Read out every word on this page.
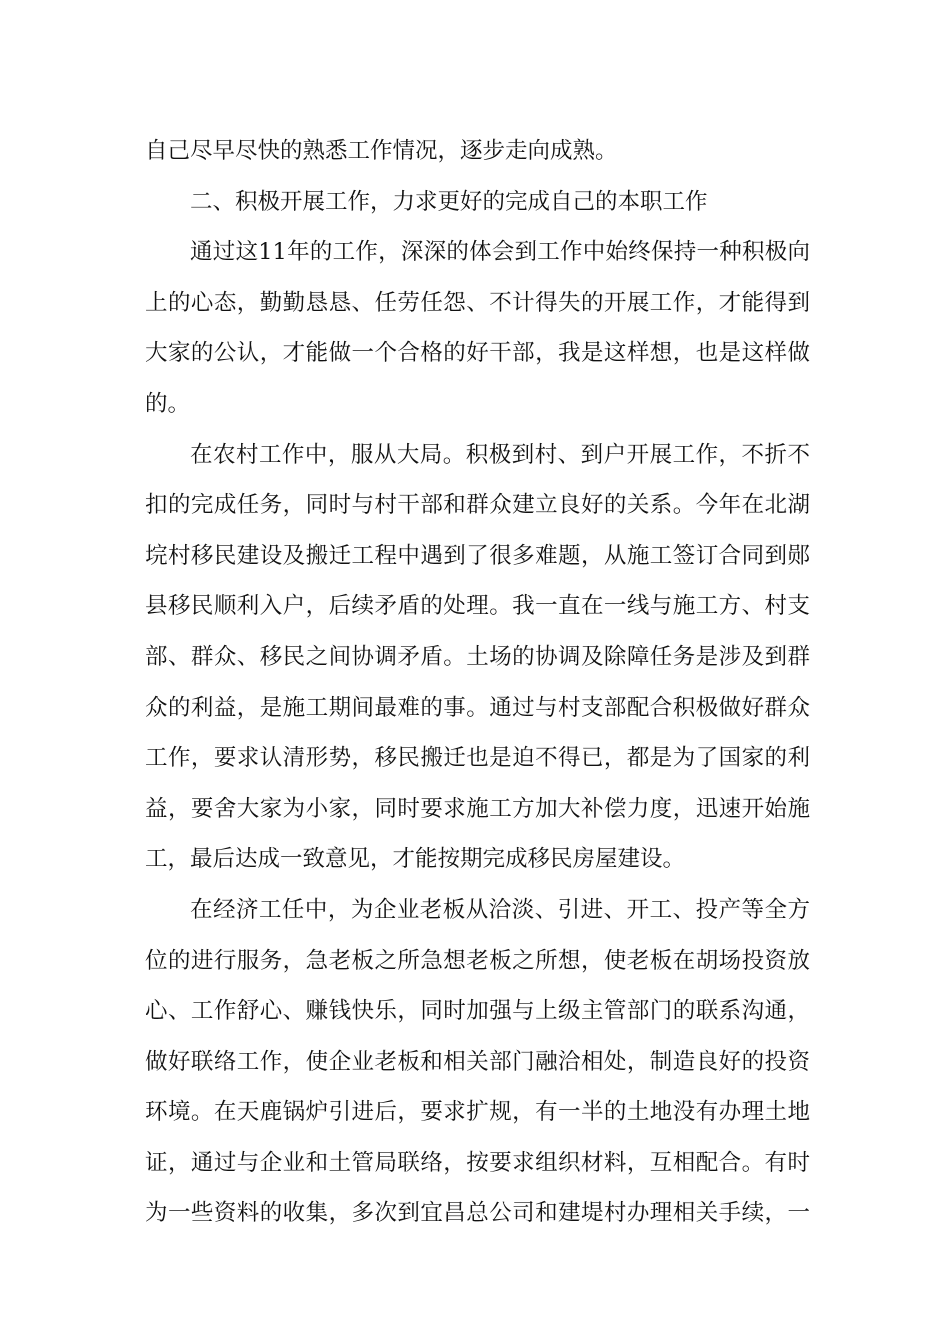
自己尽早尽快的熟悉工作情况，逐步走向成熟。
二、积极开展工作，力求更好的完成自己的本职工作
通过这11年的工作，深深的体会到工作中始终保持一种积极向
上的心态，勤勤恳恳、任劳任怨、不计得失的开展工作，才能得到
大家的公认，才能做一个合格的好干部，我是这样想，也是这样做
的。
在农村工作中，服从大局。积极到村、到户开展工作，不折不
扣的完成任务，同时与村干部和群众建立良好的关系。今年在北湖
垸村移民建设及搬迁工程中遇到了很多难题，从施工签订合同到郧
县移民顺利入户，后续矛盾的处理。我一直在一线与施工方、村支
部、群众、移民之间协调矛盾。土场的协调及除障任务是涉及到群
众的利益，是施工期间最难的事。通过与村支部配合积极做好群众
工作，要求认清形势，移民搬迁也是迫不得已，都是为了国家的利
益，要舍大家为小家，同时要求施工方加大补偿力度，迅速开始施
工，最后达成一致意见，才能按期完成移民房屋建设。
在经济工任中，为企业老板从洽淡、引进、开工、投产等全方
位的进行服务，急老板之所急想老板之所想，使老板在胡场投资放
心、工作舒心、赚钱快乐，同时加强与上级主管部门的联系沟通，
做好联络工作，使企业老板和相关部门融洽相处，制造良好的投资
环境。在天鹿锅炉引进后，要求扩规，有一半的土地没有办理土地
证，通过与企业和土管局联络，按要求组织材料，互相配合。有时
为一些资料的收集，多次到宜昌总公司和建堤村办理相关手续，一
